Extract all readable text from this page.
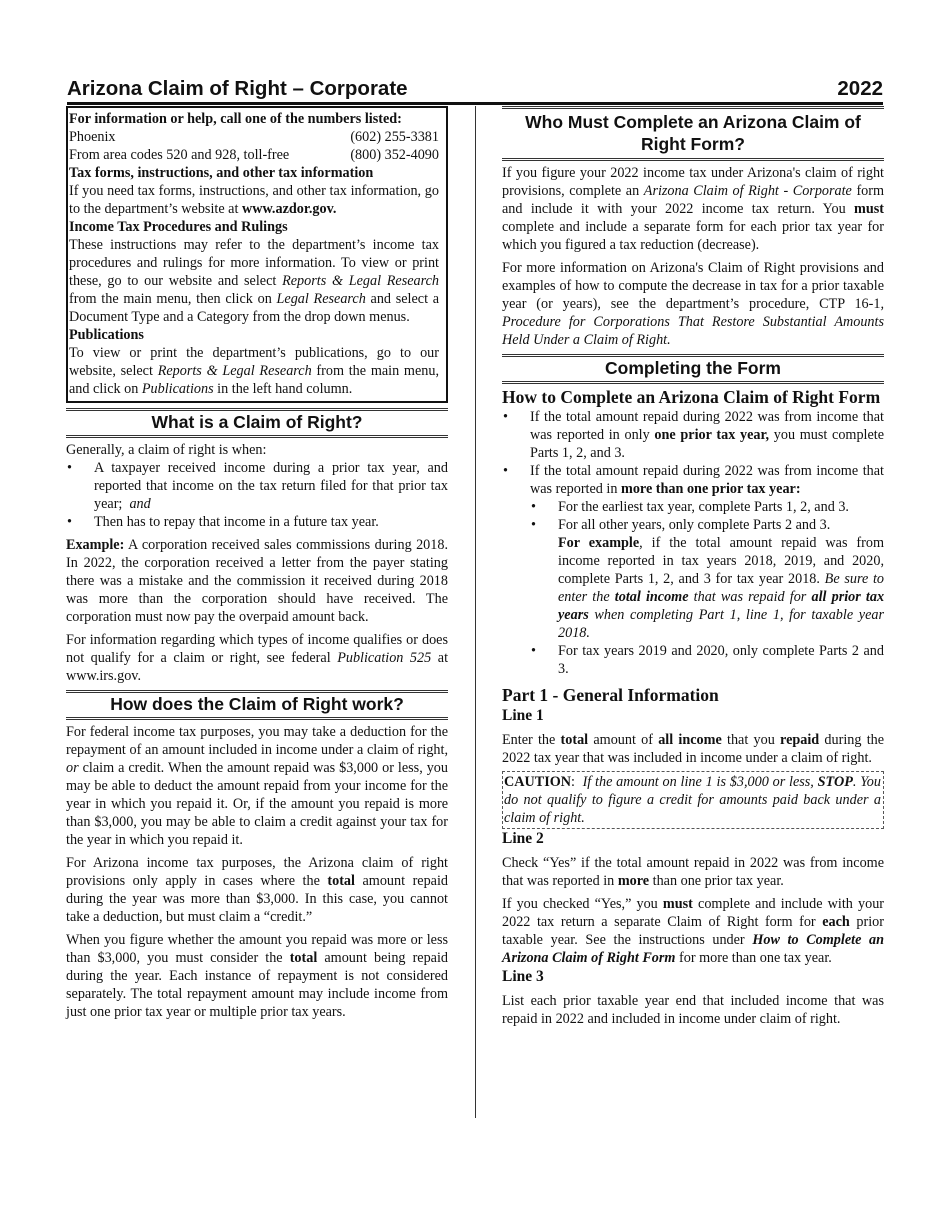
Arizona Claim of Right – Corporate	2022

For information or help, call one of the numbers listed:

Phoenix	(602) 255-3381
From area codes 520 and 928, toll-free	(800) 352-4090

Tax forms, instructions, and other tax information

If you need tax forms, instructions, and other tax information, go to the department’s website at www.azdor.gov.

Income Tax Procedures and Rulings

These instructions may refer to the department’s income tax procedures and rulings for more information. To view or print these, go to our website and select Reports & Legal Research from the main menu, then click on Legal Research and select a Document Type and a Category from the drop down menus.

Publications

To view or print the department’s publications, go to our website, select Reports & Legal Research from the main menu, and click on Publications in the left hand column.

What is a Claim of Right?

Generally, a claim of right is when:

• A taxpayer received income during a prior tax year, and reported that income on the tax return filed for that prior tax year; and
• Then has to repay that income in a future tax year.

Example: A corporation received sales commissions during 2018. In 2022, the corporation received a letter from the payer stating there was a mistake and the commission it received during 2018 was more than the corporation should have received. The corporation must now pay the overpaid amount back.

For information regarding which types of income qualifies or does not qualify for a claim or right, see federal Publication 525 at www.irs.gov.

How does the Claim of Right work?

For federal income tax purposes, you may take a deduction for the repayment of an amount included in income under a claim of right, or claim a credit. When the amount repaid was $3,000 or less, you may be able to deduct the amount repaid from your income for the year in which you repaid it. Or, if the amount you repaid is more than $3,000, you may be able to claim a credit against your tax for the year in which you repaid it.

For Arizona income tax purposes, the Arizona claim of right provisions only apply in cases where the total amount repaid during the year was more than $3,000. In this case, you cannot take a deduction, but must claim a “credit.”

When you figure whether the amount you repaid was more or less than $3,000, you must consider the total amount being repaid during the year. Each instance of repayment is not considered separately. The total repayment amount may include income from just one prior tax year or multiple prior tax years.

Who Must Complete an Arizona Claim of Right Form?

If you figure your 2022 income tax under Arizona's claim of right provisions, complete an Arizona Claim of Right - Corporate form and include it with your 2022 income tax return. You must complete and include a separate form for each prior tax year for which you figured a tax reduction (decrease).

For more information on Arizona's Claim of Right provisions and examples of how to compute the decrease in tax for a prior taxable year (or years), see the department’s procedure, CTP 16-1, Procedure for Corporations That Restore Substantial Amounts Held Under a Claim of Right.

Completing the Form

How to Complete an Arizona Claim of Right Form

• If the total amount repaid during 2022 was from income that was reported in only one prior tax year, you must complete Parts 1, 2, and 3.
• If the total amount repaid during 2022 was from income that was reported in more than one prior tax year:
• For the earliest tax year, complete Parts 1, 2, and 3.
• For all other years, only complete Parts 2 and 3.
For example, if the total amount repaid was from income reported in tax years 2018, 2019, and 2020, complete Parts 1, 2, and 3 for tax year 2018. Be sure to enter the total income that was repaid for all prior tax years when completing Part 1, line 1, for taxable year 2018.
• For tax years 2019 and 2020, only complete Parts 2 and 3.

Part 1 - General Information

Line 1

Enter the total amount of all income that you repaid during the 2022 tax year that was included in income under a claim of right.

CAUTION: If the amount on line 1 is $3,000 or less, STOP. You do not qualify to figure a credit for amounts paid back under a claim of right.

Line 2

Check “Yes” if the total amount repaid in 2022 was from income that was reported in more than one prior tax year.

If you checked “Yes,” you must complete and include with your 2022 tax return a separate Claim of Right form for each prior taxable year. See the instructions under How to Complete an Arizona Claim of Right Form for more than one tax year.

Line 3

List each prior taxable year end that included income that was repaid in 2022 and included in income under claim of right.
